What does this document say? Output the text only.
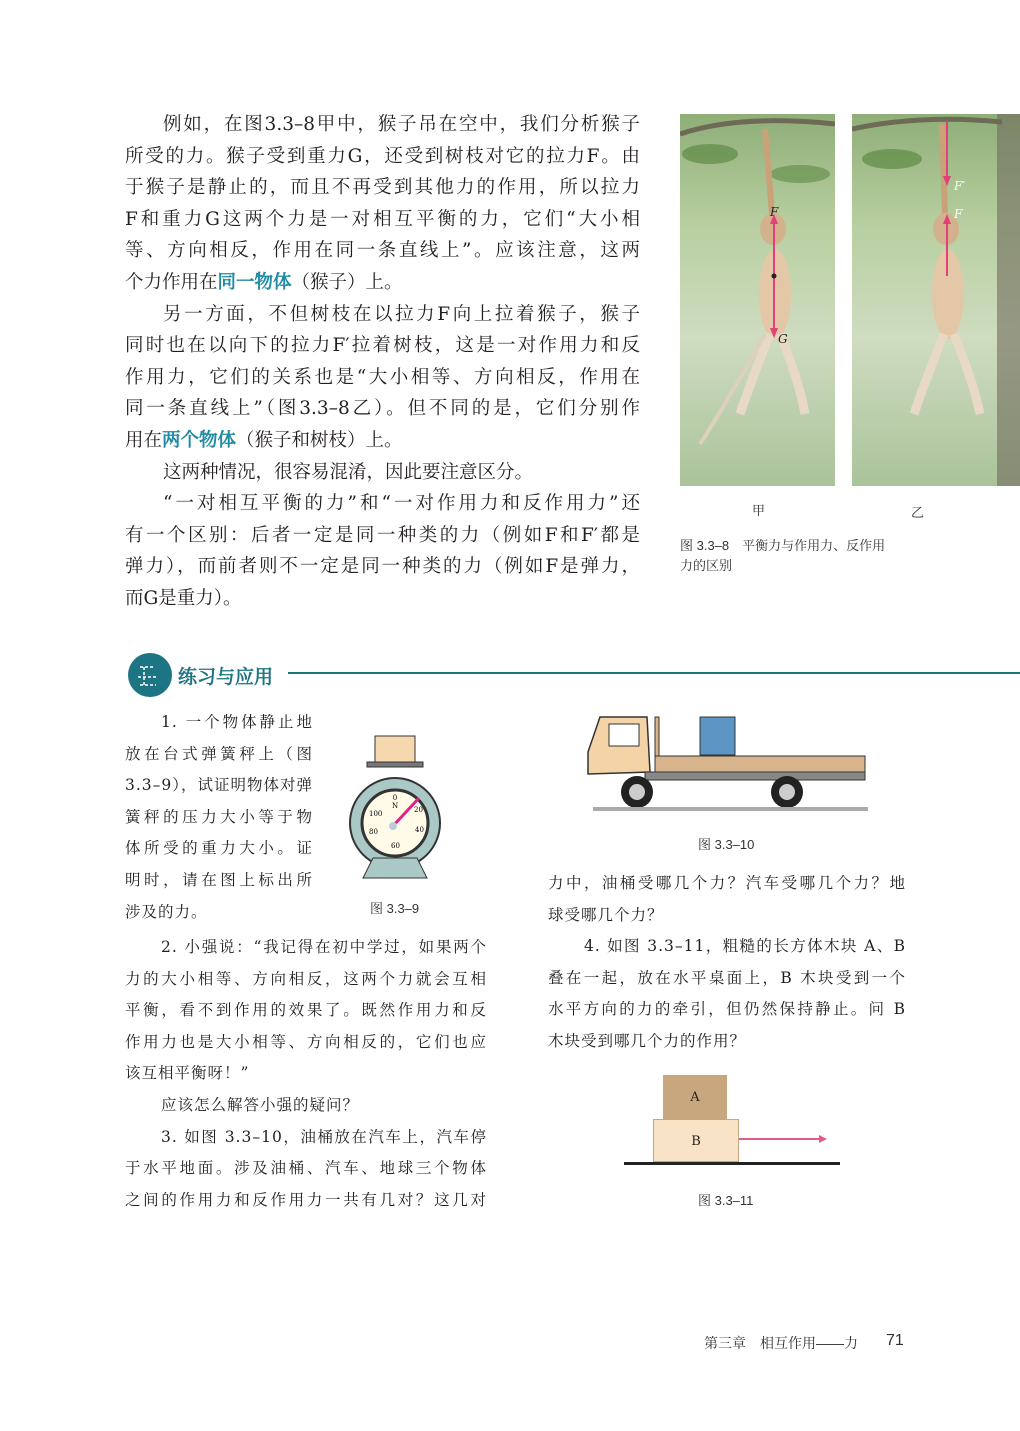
例如，在图3.3–8甲中，猴子吊在空中，我们分析猴子
所受的力。猴子受到重力G，还受到树枝对它的拉力F。由
于猴子是静止的，而且不再受到其他力的作用，所以拉力
F和重力G这两个力是一对相互平衡的力，它们“大小相
等、方向相反，作用在同一条直线上”。应该注意，这两
个力作用在同一物体（猴子）上。
另一方面，不但树枝在以拉力F向上拉着猴子，猴子
同时也在以向下的拉力F′拉着树枝，这是一对作用力和反
作用力，它们的关系也是“大小相等、方向相反，作用在
同一条直线上”（图3.3–8乙）。但不同的是，它们分别作
用在两个物体（猴子和树枝）上。
这两种情况，很容易混淆，因此要注意区分。
“一对相互平衡的力”和“一对作用力和反作用力”还
有一个区别：后者一定是同一种类的力（例如F和F′都是
弹力），而前者则不一定是同一种类的力（例如F是弹力，
而G是重力）。
F
G
F′
F
甲	乙
图 3.3–8　平衡力与作用力、反作用
力的区别
练习与应用
1. 一个物体静止地
放在台式弹簧秤上（图
3.3–9），试证明物体对弹
簧秤的压力大小等于物
体所受的重力大小。证
明时，请在图上标出所
涉及的力。
2. 小强说：“我记得在初中学过，如果两个
力的大小相等、方向相反，这两个力就会互相
平衡，看不到作用的效果了。既然作用力和反
作用力也是大小相等、方向相反的，它们也应
该互相平衡呀！”
应该怎么解答小强的疑问？
3. 如图 3.3–10，油桶放在汽车上，汽车停
于水平地面。涉及油桶、汽车、地球三个物体
之间的作用力和反作用力一共有几对？这几对
力中，油桶受哪几个力？汽车受哪几个力？地
球受哪几个力？
4. 如图 3.3–11，粗糙的长方体木块 A、B
叠在一起，放在水平桌面上，B 木块受到一个
水平方向的力的牵引，但仍然保持静止。问 B
木块受到哪几个力的作用？
0
N 20
40
60
80
100
图 3.3–9
图 3.3–10
A
B
图 3.3–11
第三章　相互作用——力 71
